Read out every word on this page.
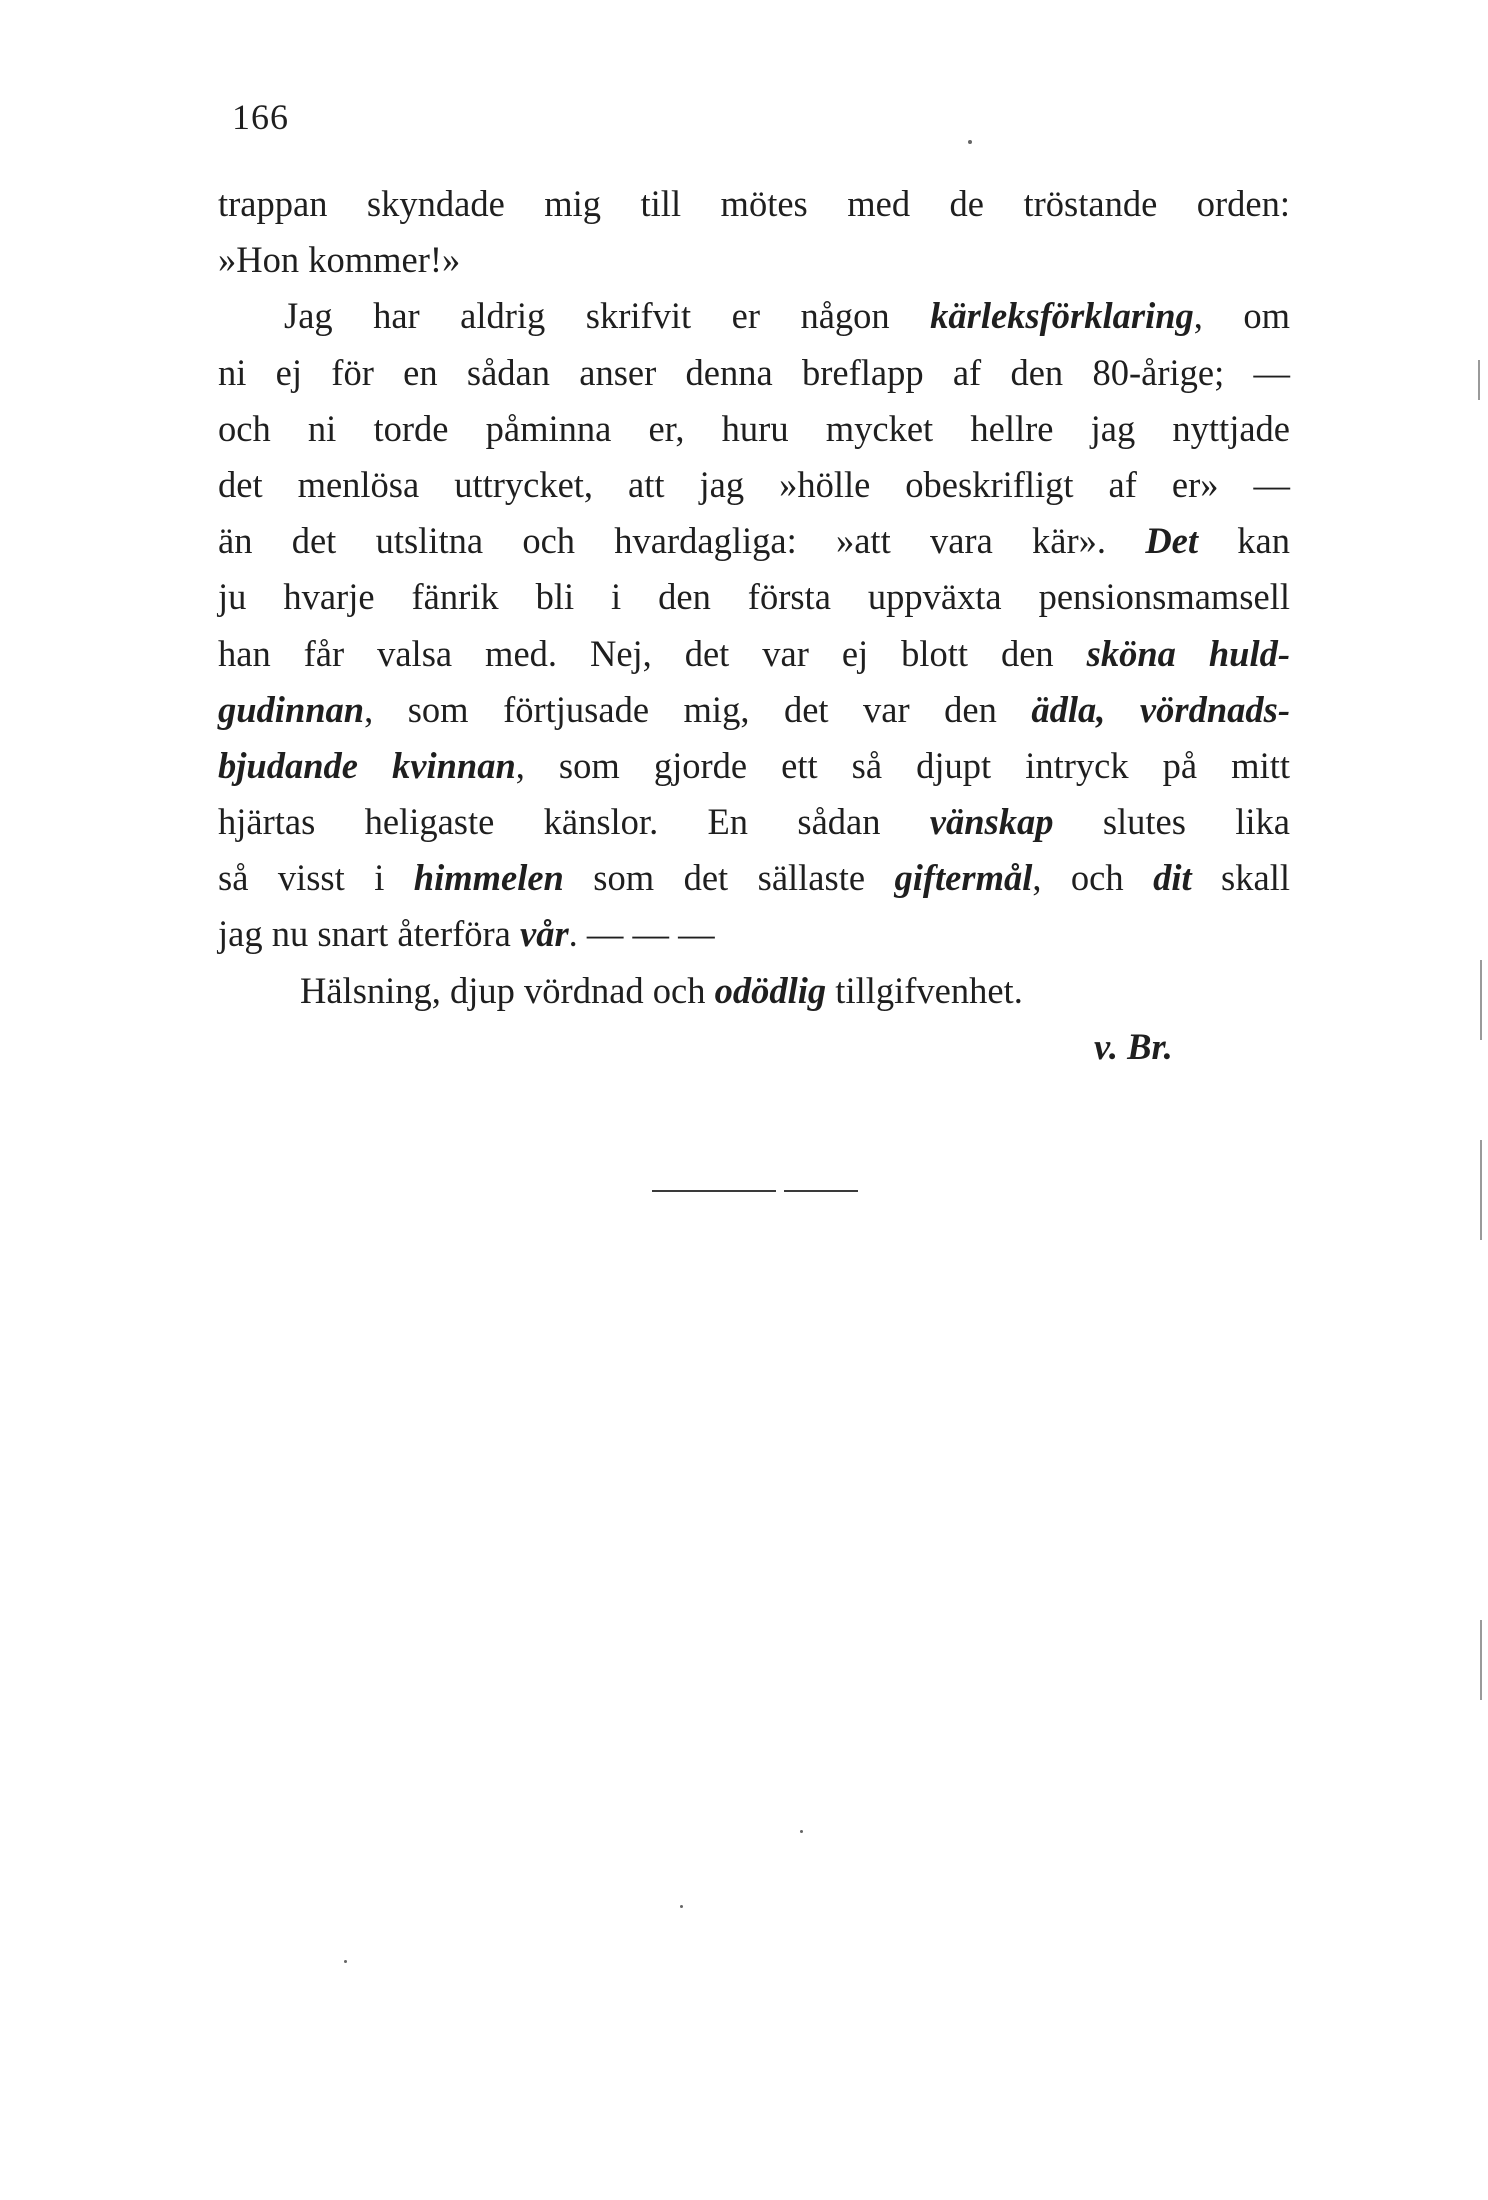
166
trappan skyndade mig till mötes med de tröstande orden:
»Hon kommer!»
Jag har aldrig skrifvit er någon kärleksförklaring, om
ni ej för en sådan anser denna breflapp af den 80-årige; —
och ni torde påminna er, huru mycket hellre jag nyttjade
det menlösa uttrycket, att jag »hölle obeskrifligt af er» —
än det utslitna och hvardagliga: »att vara kär». Det kan
ju hvarje fänrik bli i den första uppväxta pensionsmamsell
han får valsa med. Nej, det var ej blott den sköna huld-
gudinnan, som förtjusade mig, det var den ädla, vördnads-
bjudande kvinnan, som gjorde ett så djupt intryck på mitt
hjärtas heligaste känslor. En sådan vänskap slutes lika
så visst i himmelen som det sällaste giftermål, och dit skall
jag nu snart återföra vår. — — —
Hälsning, djup vördnad och odödlig tillgifvenhet.
v. Br.
